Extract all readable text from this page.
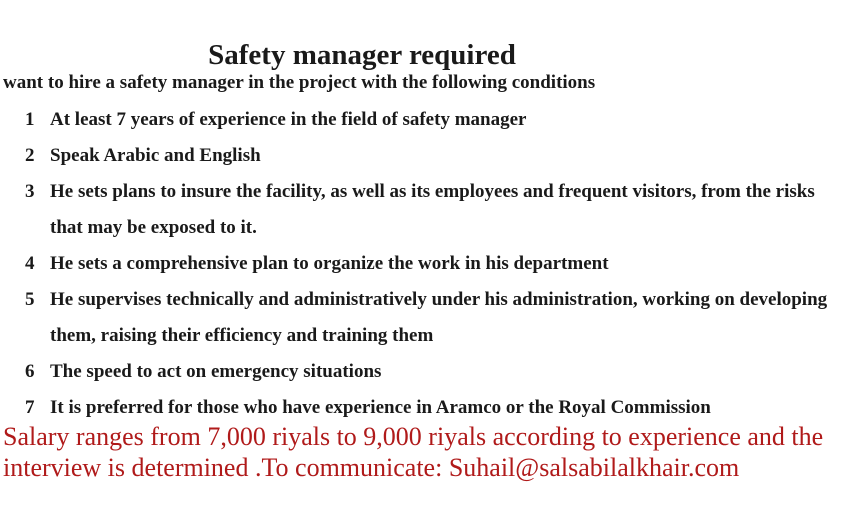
Safety manager required
want to hire a safety manager in the project with the following conditions
1 At least 7 years of experience in the field of safety manager
2 Speak Arabic and English
3 He sets plans to insure the facility, as well as its employees and frequent visitors, from the risks that may be exposed to it.
4 He sets a comprehensive plan to organize the work in his department
5 He supervises technically and administratively under his administration, working on developing them, raising their efficiency and training them
6 The speed to act on emergency situations
7 It is preferred for those who have experience in Aramco or the Royal Commission
Salary ranges from 7,000 riyals to 9,000 riyals according to experience and the interview is determined .To communicate: Suhail@salsabilalkhair.com
